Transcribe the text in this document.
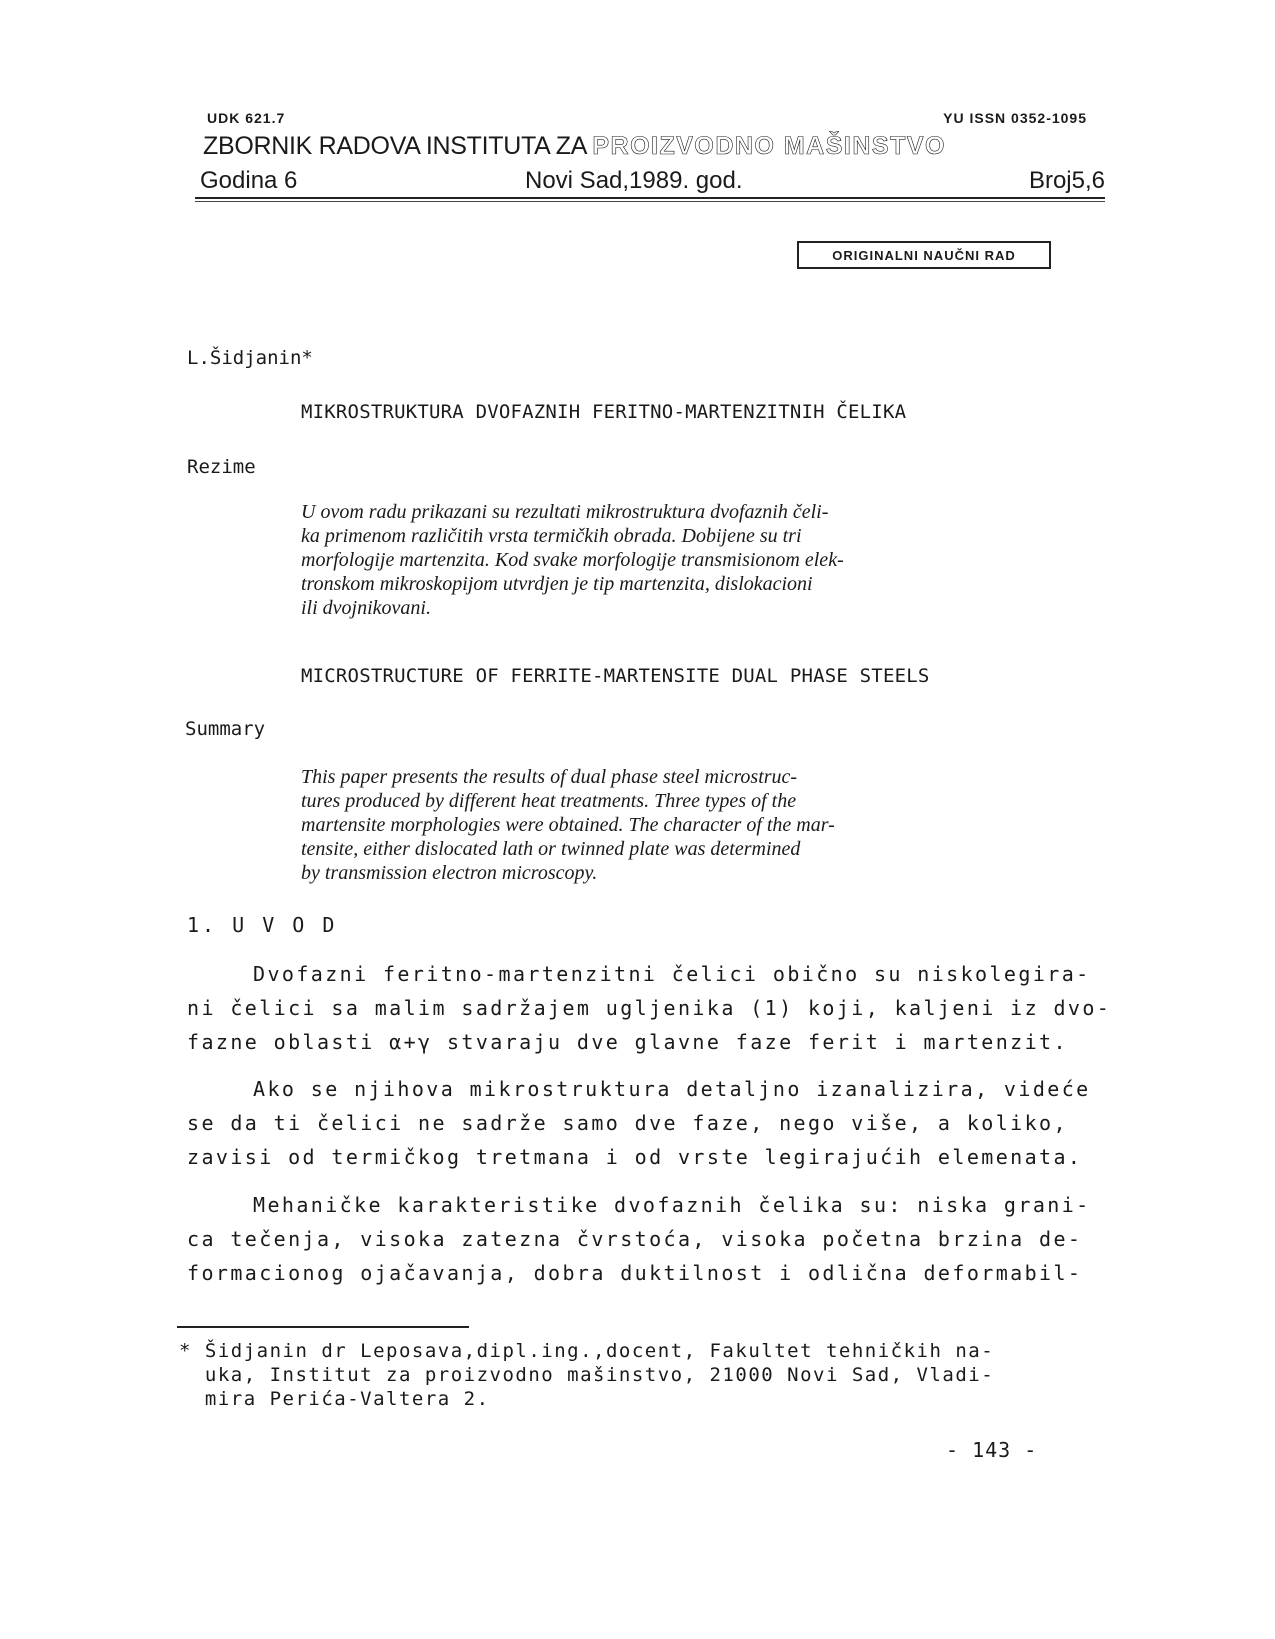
UDK 621.7	YU ISSN 0352-1095
ZBORNIK RADOVA INSTITUTA ZA PROIZVODNO MAŠINSTVO
Godina 6	Novi Sad,1989. god.	Broj5,6
ORIGINALNI NAUČNI RAD
L.Šidjanin*
MIKROSTRUKTURA DVOFAZNIH FERITNO-MARTENZITNIH ČELIKA
Rezime
U ovom radu prikazani su rezultati mikrostruktura dvofaznih čeli-
ka primenom različitih vrsta termičkih obrada. Dobijene su tri
morfologije martenzita. Kod svake morfologije transmisionom elek-
tronskom mikroskopijom utvrdjen je tip martenzita, dislokacioni
ili dvojnikovani.
MICROSTRUCTURE OF FERRITE-MARTENSITE DUAL PHASE STEELS
Summary
This paper presents the results of dual phase steel microstruc-
tures produced by different heat treatments. Three types of the
martensite morphologies were obtained. The character of the mar-
tensite, either dislocated lath or twinned plate was determined
by transmission electron microscopy.
1. U V O D
Dvofazni feritno-martenzitni čelici obično su niskolegira-
ni čelici sa malim sadržajem ugljenika (1) koji, kaljeni iz dvo-
fazne oblasti α+γ stvaraju dve glavne faze ferit i martenzit.
Ako se njihova mikrostruktura detaljno izanalizira, videće
se da ti čelici ne sadrže samo dve faze, nego više, a koliko,
zavisi od termičkog tretmana i od vrste legirajućih elemenata.
Mehaničke karakteristike dvofaznih čelika su: niska grani-
ca tečenja, visoka zatezna čvrstoća, visoka početna brzina de-
formacionog ojačavanja, dobra duktilnost i odlična deformabil-
* Šidjanin dr Leposava,dipl.ing.,docent, Fakultet tehničkih na-
uka, Institut za proizvodno mašinstvo, 21000 Novi Sad, Vladi-
mira Perića-Valtera 2.
- 143 -
